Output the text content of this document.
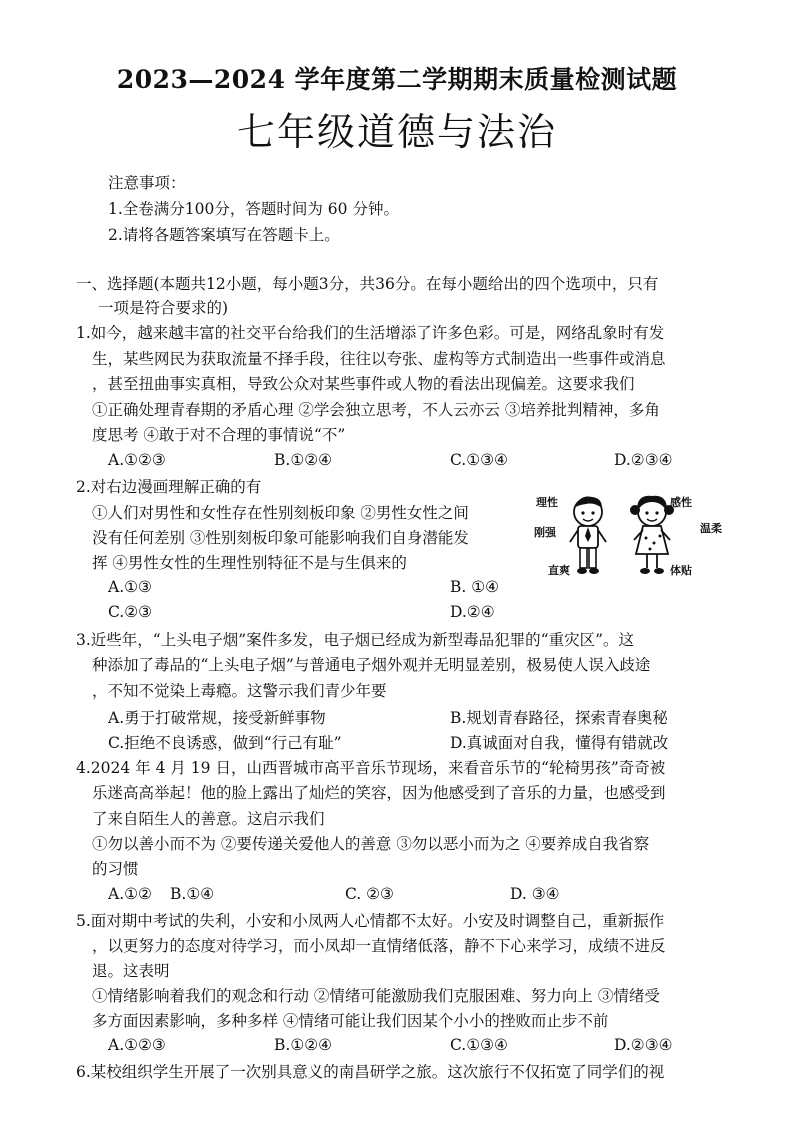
2023—2024 学年度第二学期期末质量检测试题
七年级道德与法治
注意事项：
1.全卷满分100分，答题时间为 60 分钟。
2.请将各题答案填写在答题卡上。
一、选择题(本题共12小题，每小题3分，共36分。在每小题给出的四个选项中，只有
一项是符合要求的)
1.如今，越来越丰富的社交平台给我们的生活增添了许多色彩。可是，网络乱象时有发
生，某些网民为获取流量不择手段，往往以夸张、虚构等方式制造出一些事件或消息
，甚至扭曲事实真相，导致公众对某些事件或人物的看法出现偏差。这要求我们
①正确处理青春期的矛盾心理 ②学会独立思考，不人云亦云 ③培养批判精神，多角
度思考 ④敢于对不合理的事情说“不”
A.①②③	B.①②④	C.①③④	D.②③④
2.对右边漫画理解正确的有
①人们对男性和女性存在性别刻板印象 ②男性女性之间
没有任何差别 ③性别刻板印象可能影响我们自身潜能发
挥 ④男性女性的生理性别特征不是与生俱来的
A.①③	B. ①④
C.②③	D.②④
理性
刚强
直爽
感性
温柔
体贴
3.近些年，“上头电子烟”案件多发，电子烟已经成为新型毒品犯罪的“重灾区”。这
种添加了毒品的“上头电子烟”与普通电子烟外观并无明显差别，极易使人误入歧途
，不知不觉染上毒瘾。这警示我们青少年要
A.勇于打破常规，接受新鲜事物	B.规划青春路径，探索青春奥秘
C.拒绝不良诱惑，做到“行己有耻”	D.真诚面对自我，懂得有错就改
4.2024 年 4 月 19 日，山西晋城市高平音乐节现场，来看音乐节的“轮椅男孩”奇奇被
乐迷高高举起！他的脸上露出了灿烂的笑容，因为他感受到了音乐的力量，也感受到
了来自陌生人的善意。这启示我们
①勿以善小而不为 ②要传递关爱他人的善意 ③勿以恶小而为之 ④要养成自我省察
的习惯
A.①② B.①④	C. ②③	D. ③④
5.面对期中考试的失利，小安和小凤两人心情都不太好。小安及时调整自己，重新振作
，以更努力的态度对待学习，而小凤却一直情绪低落，静不下心来学习，成绩不进反
退。这表明
①情绪影响着我们的观念和行动 ②情绪可能激励我们克服困难、努力向上 ③情绪受
多方面因素影响，多种多样 ④情绪可能让我们因某个小小的挫败而止步不前
A.①②③	B.①②④	C.①③④	D.②③④
6.某校组织学生开展了一次别具意义的南昌研学之旅。这次旅行不仅拓宽了同学们的视
